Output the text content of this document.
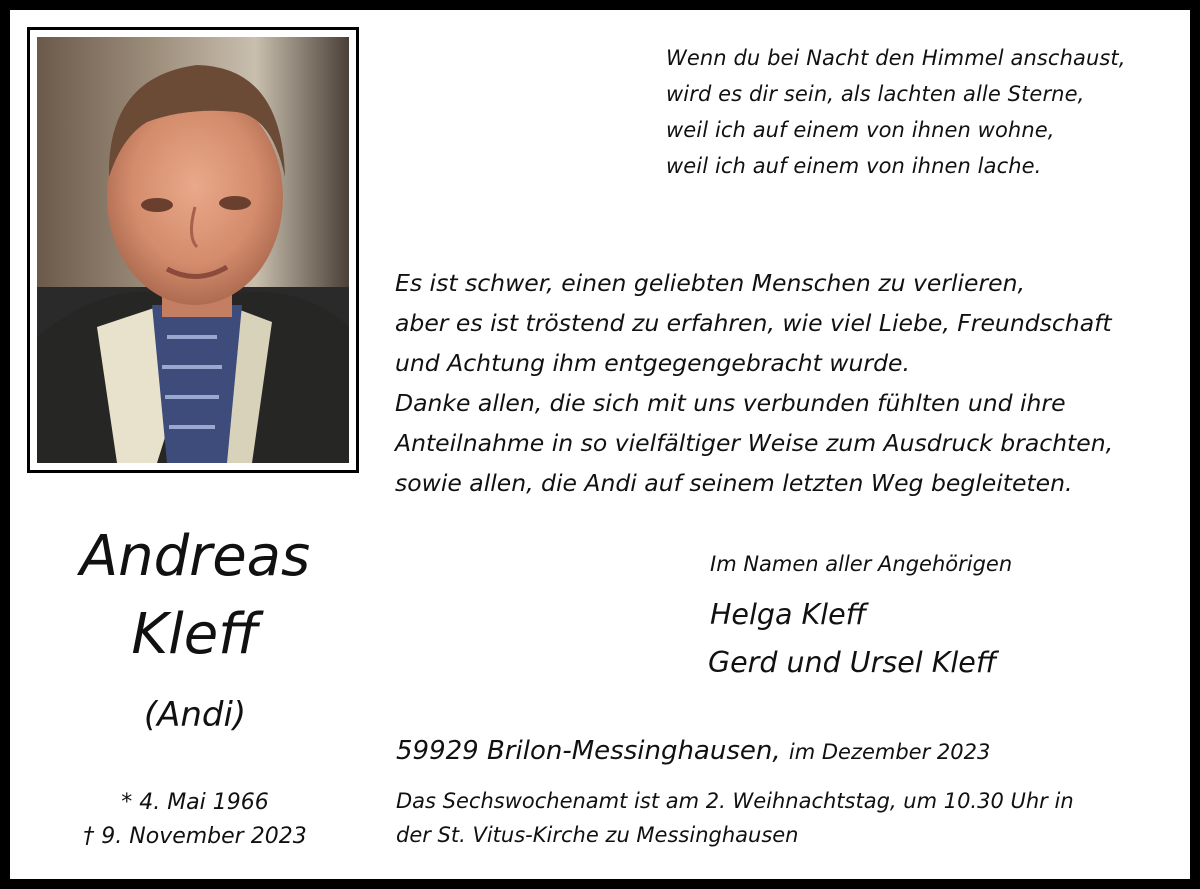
Wenn du bei Nacht den Himmel anschaust,
wird es dir sein, als lachten alle Sterne,
weil ich auf einem von ihnen wohne,
weil ich auf einem von ihnen lache.
Es ist schwer, einen geliebten Menschen zu verlieren,
aber es ist tröstend zu erfahren, wie viel Liebe, Freundschaft
und Achtung ihm entgegengebracht wurde.
Danke allen, die sich mit uns verbunden fühlten und ihre
Anteilnahme in so vielfältiger Weise zum Ausdruck brachten,
sowie allen, die Andi auf seinem letzten Weg begleiteten.
Andreas
Kleff
(Andi)
* 4. Mai 1966
† 9. November 2023
Im Namen aller Angehörigen
Helga Kleff
Gerd und Ursel Kleff
59929 Brilon-Messinghausen, im Dezember 2023
Das Sechswochenamt ist am 2. Weihnachtstag, um 10.30 Uhr in
der St. Vitus-Kirche zu Messinghausen
